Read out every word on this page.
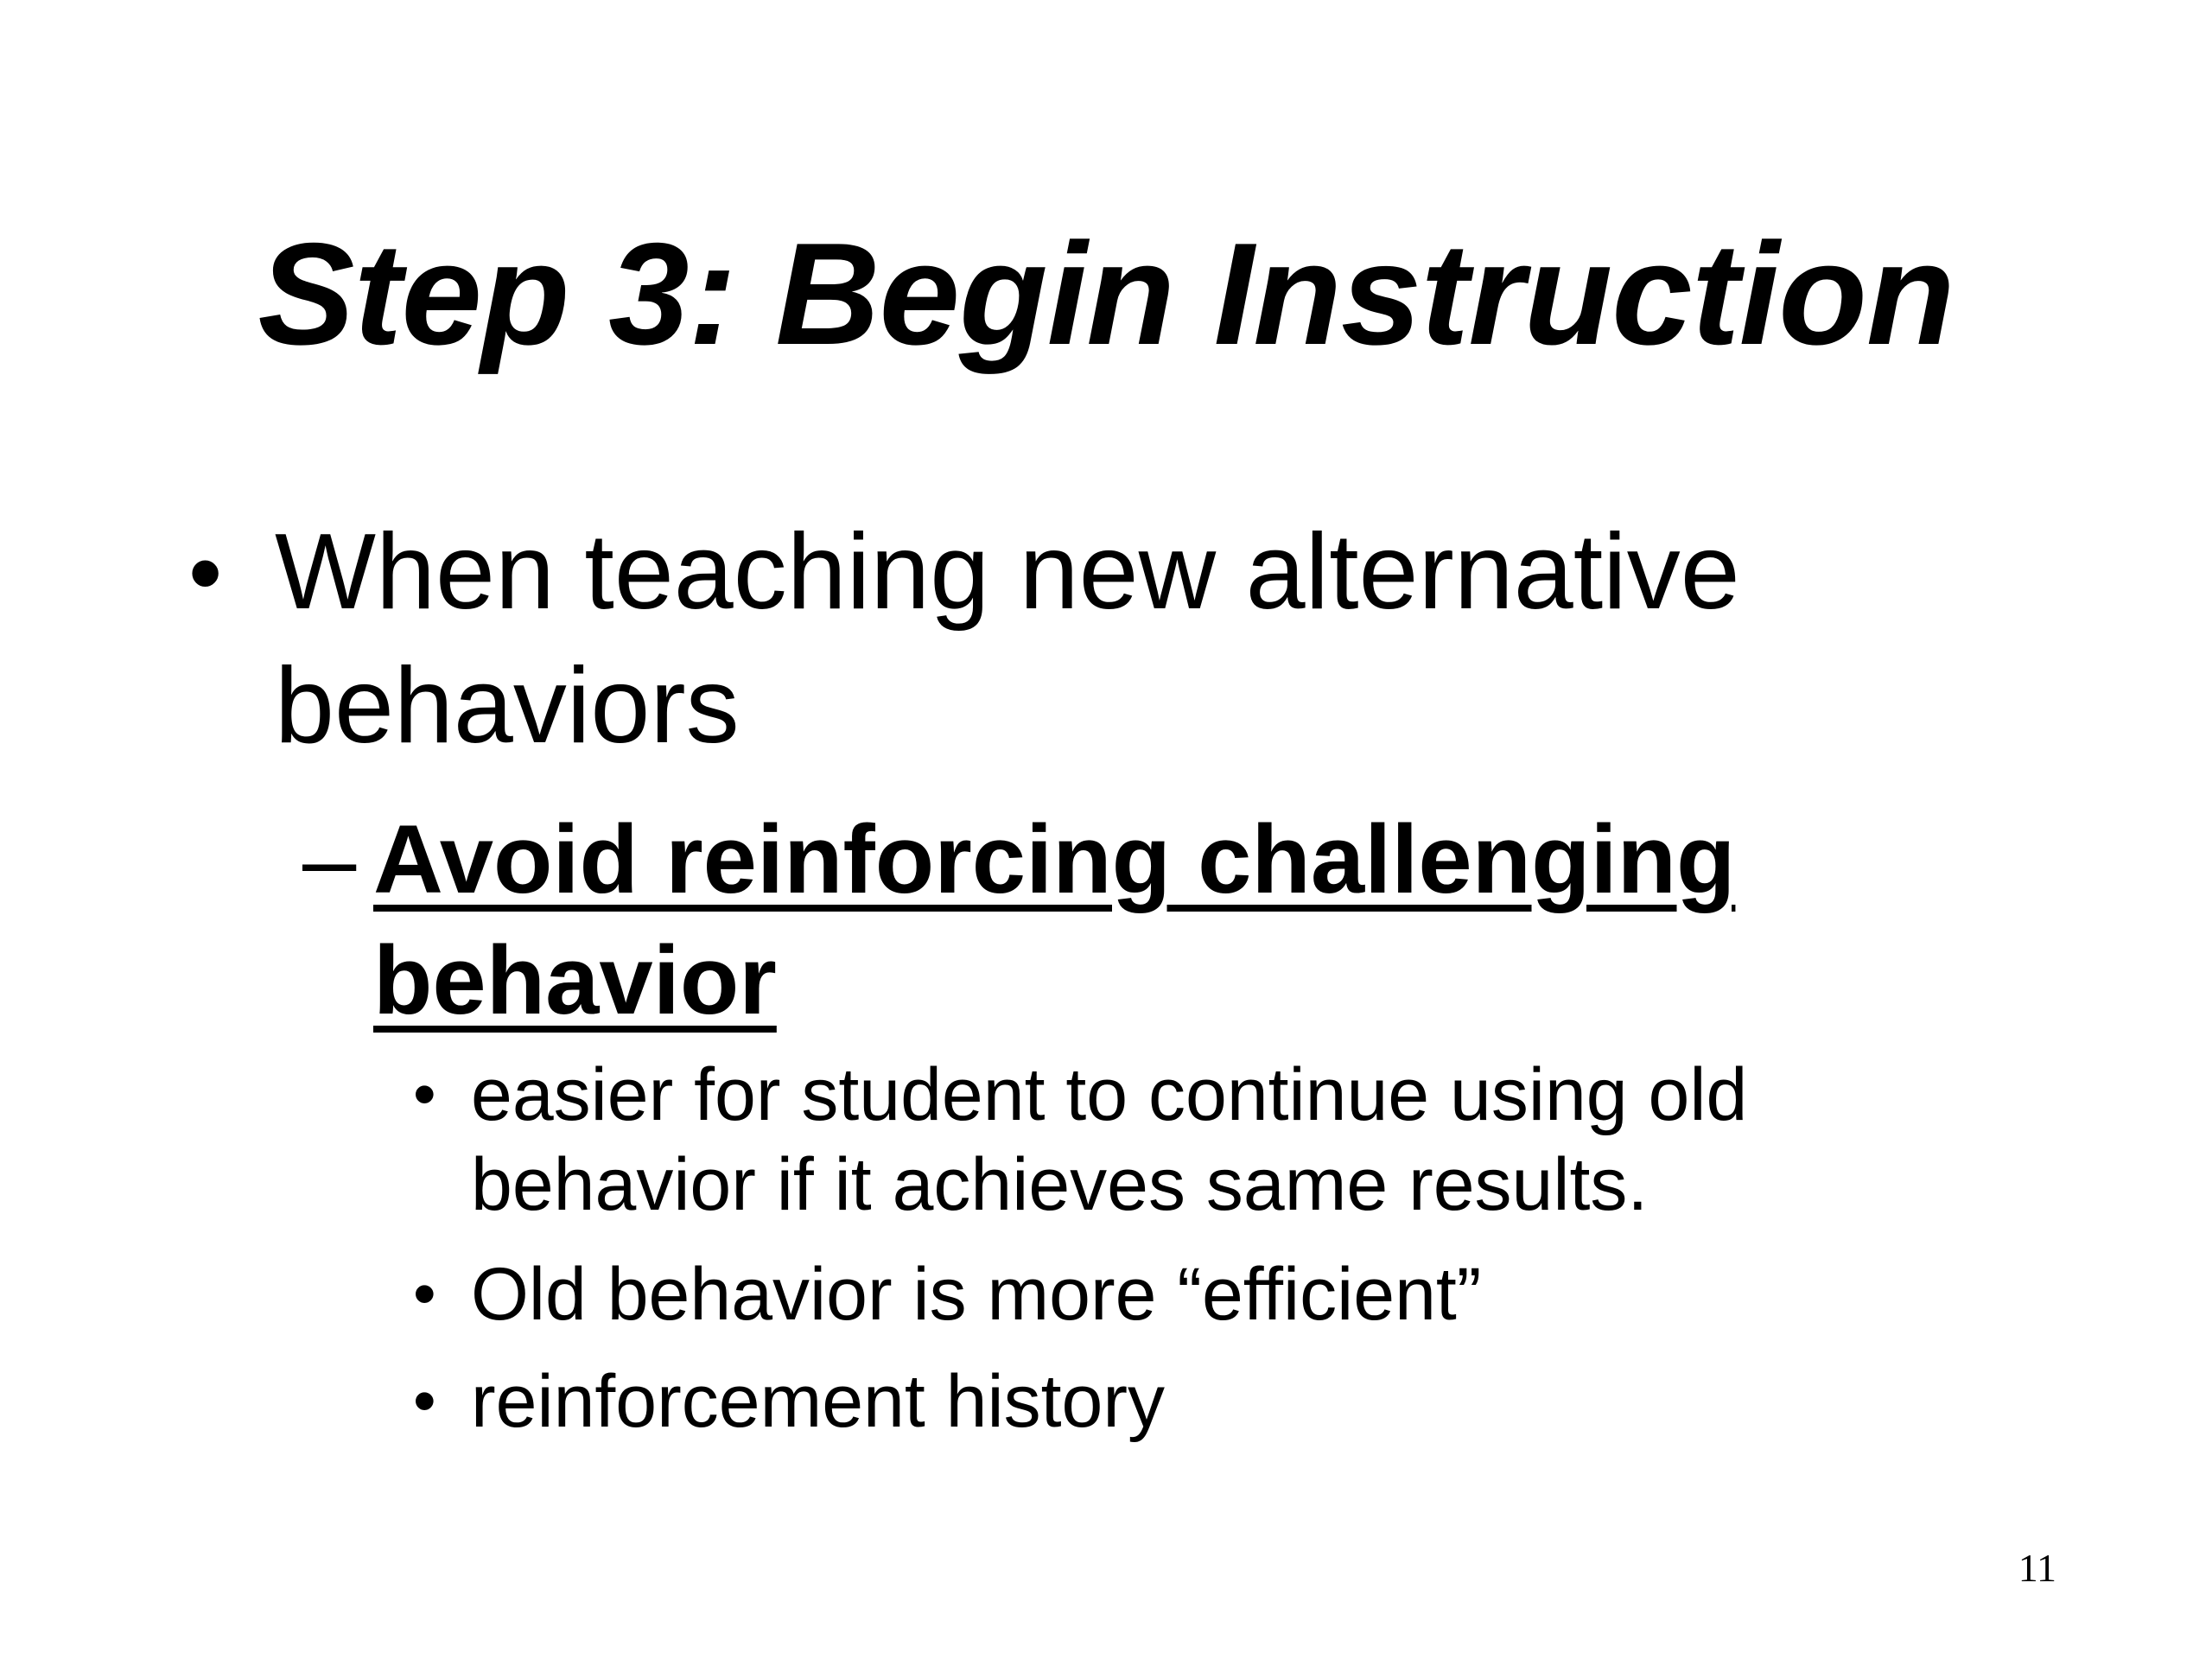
Step 3: Begin Instruction
• When teaching new alternative behaviors
– Avoid reinforcing challenging behavior
• easier for student to continue using old behavior if it achieves same results.
• Old behavior is more “efficient”
• reinforcement history
11
